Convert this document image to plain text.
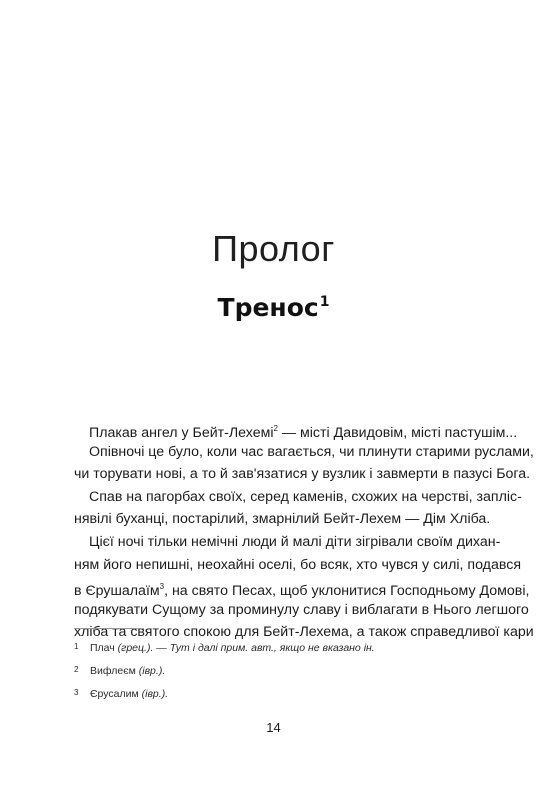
Пролог
Тренос$^1$
Плакав ангел у Бейт-Лехемі$^2$ — місті Давидовім, місті пастушім...
Опівночі це було, коли час вагається, чи плинути старими руслами,
чи торувати нові, а то й зав'язатися у вузлик і завмерти в пазусі Бога.
Спав на пагорбах своїх, серед каменів, схожих на черстві, запліс-
нявілі буханці, постарілий, змарнілий Бейт-Лехем — Дім Хліба.
Цієї ночі тільки немічні люди й малі діти зігрівали своїм дихан-
ням його непишні, неохайні оселі, бо всяк, хто чувся у силі, подався
в Єрушалаїм$^3$, на свято Песах, щоб уклонитися Господньому Домові,
подякувати Сущому за проминулу славу і виблагати в Нього легшого
хліба та святого спокою для Бейт-Лехема, а також справедливої кари
1 Плач (грец.). — Тут і далі прим. авт., якщо не вказано ін.
2 Вифлеєм (івр.).
3 Єрусалим (івр.).
14
